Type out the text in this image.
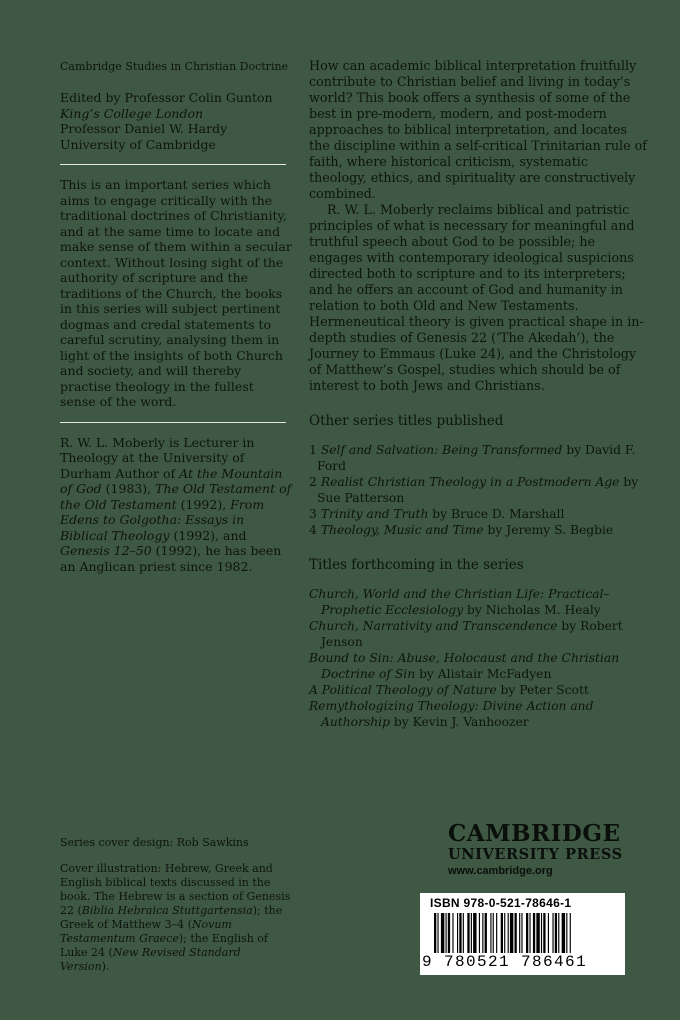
Cambridge Studies in Christian Doctrine

Edited by Professor Colin Gunton
King’s College London
Professor Daniel W. Hardy
University of Cambridge

This is an important series which aims to engage critically with the traditional doctrines of Christianity, and at the same time to locate and make sense of them within a secular context. Without losing sight of the authority of scripture and the traditions of the Church, the books in this series will subject pertinent dogmas and credal statements to careful scrutiny, analysing them in light of the insights of both Church and society, and will thereby practise theology in the fullest sense of the word.

R. W. L. Moberly is Lecturer in Theology at the University of Durham Author of At the Mountain of God (1983), The Old Testament of the Old Testament (1992), From Edens to Golgotha: Essays in Biblical Theology (1992), and Genesis 12–50 (1992), he has been an Anglican priest since 1982.

How can academic biblical interpretation fruitfully contribute to Christian belief and living in today’s world? This book offers a synthesis of some of the best in pre-modern, modern, and post-modern approaches to biblical interpretation, and locates the discipline within a self-critical Trinitarian rule of faith, where historical criticism, systematic theology, ethics, and spirituality are constructively combined.

R. W. L. Moberly reclaims biblical and patristic principles of what is necessary for meaningful and truthful speech about God to be possible; he engages with contemporary ideological suspicions directed both to scripture and to its interpreters; and he offers an account of God and humanity in relation to both Old and New Testaments. Hermeneutical theory is given practical shape in in-depth studies of Genesis 22 (‘The Akedah’), the Journey to Emmaus (Luke 24), and the Christology of Matthew’s Gospel, studies which should be of interest to both Jews and Christians.

Other series titles published
1 Self and Salvation: Being Transformed by David F. Ford
2 Realist Christian Theology in a Postmodern Age by Sue Patterson
3 Trinity and Truth by Bruce D. Marshall
4 Theology, Music and Time by Jeremy S. Begbie
Titles forthcoming in the series
Church, World and the Christian Life: Practical–Prophetic Ecclesiology by Nicholas M. Healy
Church, Narrativity and Transcendence by Robert Jenson
Bound to Sin: Abuse, Holocaust and the Christian Doctrine of Sin by Alistair McFadyen
A Political Theology of Nature by Peter Scott
Remythologizing Theology: Divine Action and Authorship by Kevin J. Vanhoozer

Series cover design: Rob Sawkins

Cover illustration: Hebrew, Greek and English biblical texts discussed in the book. The Hebrew is a section of Genesis 22 (Biblia Hebraica Stuttgartensia); the Greek of Matthew 3–4 (Novum Testamentum Graece); the English of Luke 24 (New Revised Standard Version).

CAMBRIDGE
UNIVERSITY PRESS
www.cambridge.org
ISBN 978-0-521-78646-1
9 780521 786461
